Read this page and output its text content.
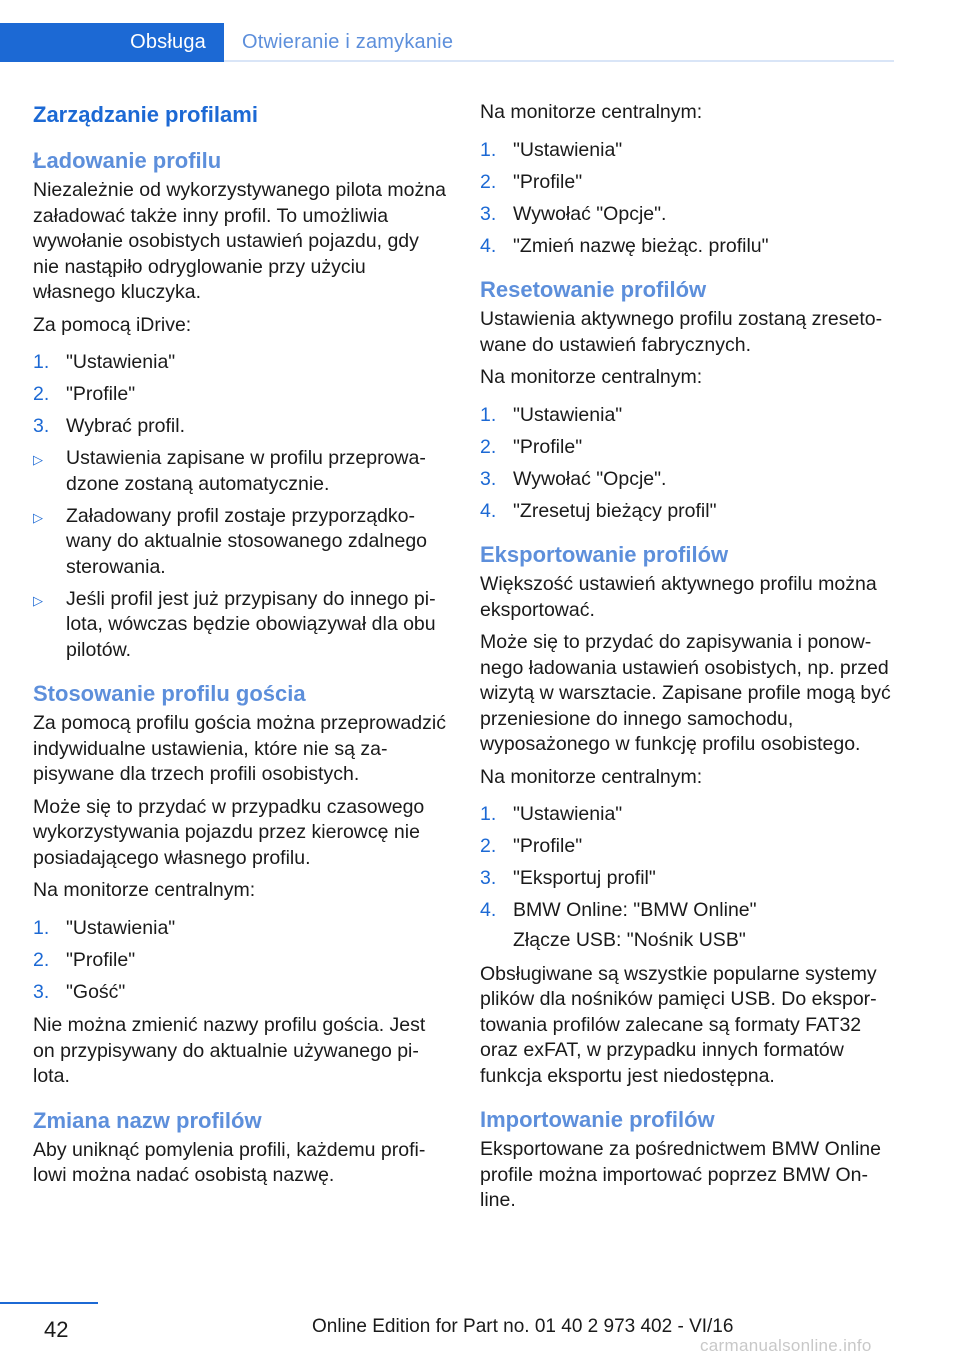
Obsługa	Otwieranie i zamykanie
Zarządzanie profilami
Ładowanie profilu

Niezależnie od wykorzystywanego pilota można załadować także inny profil. To umożliwia wywołanie osobistych ustawień pojazdu, gdy nie nastąpiło odryglowanie przy użyciu własnego kluczyka.

Za pomocą iDrive:

1. "Ustawienia"
2. "Profile"
3. Wybrać profil.
▷	Ustawienia zapisane w profilu przeprowadzone zostaną automatycznie.
▷	Załadowany profil zostaje przyporządkowany do aktualnie stosowanego zdalnego sterowania.
▷	Jeśli profil jest już przypisany do innego pilota, wówczas będzie obowiązywał dla obu pilotów.
Stosowanie profilu gościa

Za pomocą profilu gościa można przeprowadzić indywidualne ustawienia, które nie są zapisywane dla trzech profili osobistych.

Może się to przydać w przypadku czasowego wykorzystywania pojazdu przez kierowcę nie posiadającego własnego profilu.

Na monitorze centralnym:

1. "Ustawienia"
2. "Profile"
3. "Gość"

Nie można zmienić nazwy profilu gościa. Jest on przypisywany do aktualnie używanego pilota.

Zmiana nazw profilów

Aby uniknąć pomylenia profili, każdemu profilowi można nadać osobistą nazwę.

Na monitorze centralnym:

1. "Ustawienia"
2. "Profile"
3. Wywołać "Opcje".
4. "Zmień nazwę bieżąc. profilu"
Resetowanie profilów

Ustawienia aktywnego profilu zostaną zresetowane do ustawień fabrycznych.

Na monitorze centralnym:

1. "Ustawienia"
2. "Profile"
3. Wywołać "Opcje".
4. "Zresetuj bieżący profil"
Eksportowanie profilów

Większość ustawień aktywnego profilu można eksportować.

Może się to przydać do zapisywania i ponownego ładowania ustawień osobistych, np. przed wizytą w warsztacie. Zapisane profile mogą być przeniesione do innego samochodu, wyposażonego w funkcję profilu osobistego.

Na monitorze centralnym:

1. "Ustawienia"
2. "Profile"
3. "Eksportuj profil"
4. BMW Online: "BMW Online"
Złącze USB: "Nośnik USB"

Obsługiwane są wszystkie popularne systemy plików dla nośników pamięci USB. Do eksportowania profilów zalecane są formaty FAT32 oraz exFAT, w przypadku innych formatów funkcja eksportu jest niedostępna.

Importowanie profilów

Eksportowane za pośrednictwem BMW Online profile można importować poprzez BMW Online.

42	Online Edition for Part no. 01 40 2 973 402 - VI/16
carmanualsonline.info
